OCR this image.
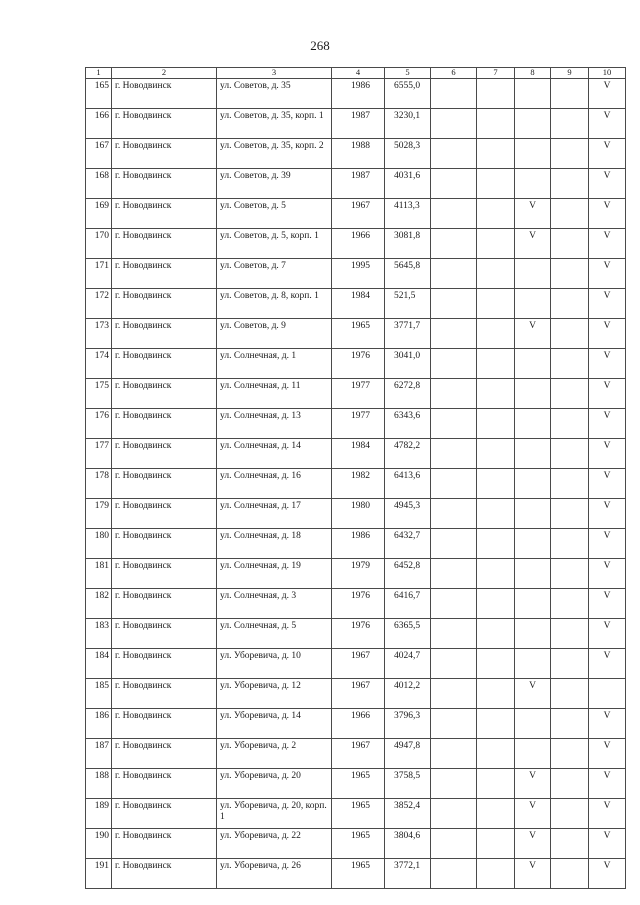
268
1	2	3	4	5	6	7	8	9	10
165	г. Новодвинск	ул. Советов, д. 35	1986	6555,0					V
166	г. Новодвинск	ул. Советов, д. 35, корп. 1	1987	3230,1					V
167	г. Новодвинск	ул. Советов, д. 35, корп. 2	1988	5028,3					V
168	г. Новодвинск	ул. Советов, д. 39	1987	4031,6					V
169	г. Новодвинск	ул. Советов, д. 5	1967	4113,3			V		V
170	г. Новодвинск	ул. Советов, д. 5, корп. 1	1966	3081,8			V		V
171	г. Новодвинск	ул. Советов, д. 7	1995	5645,8					V
172	г. Новодвинск	ул. Советов, д. 8, корп. 1	1984	521,5					V
173	г. Новодвинск	ул. Советов, д. 9	1965	3771,7			V		V
174	г. Новодвинск	ул. Солнечная, д. 1	1976	3041,0					V
175	г. Новодвинск	ул. Солнечная, д. 11	1977	6272,8					V
176	г. Новодвинск	ул. Солнечная, д. 13	1977	6343,6					V
177	г. Новодвинск	ул. Солнечная, д. 14	1984	4782,2					V
178	г. Новодвинск	ул. Солнечная, д. 16	1982	6413,6					V
179	г. Новодвинск	ул. Солнечная, д. 17	1980	4945,3					V
180	г. Новодвинск	ул. Солнечная, д. 18	1986	6432,7					V
181	г. Новодвинск	ул. Солнечная, д. 19	1979	6452,8					V
182	г. Новодвинск	ул. Солнечная, д. 3	1976	6416,7					V
183	г. Новодвинск	ул. Солнечная, д. 5	1976	6365,5					V
184	г. Новодвинск	ул. Уборевича, д. 10	1967	4024,7					V
185	г. Новодвинск	ул. Уборевича, д. 12	1967	4012,2			V		
186	г. Новодвинск	ул. Уборевича, д. 14	1966	3796,3					V
187	г. Новодвинск	ул. Уборевича, д. 2	1967	4947,8					V
188	г. Новодвинск	ул. Уборевича, д. 20	1965	3758,5			V		V
189	г. Новодвинск	ул. Уборевича, д. 20, корп. 1	1965	3852,4			V		V
190	г. Новодвинск	ул. Уборевича, д. 22	1965	3804,6			V		V
191	г. Новодвинск	ул. Уборевича, д. 26	1965	3772,1			V		V
